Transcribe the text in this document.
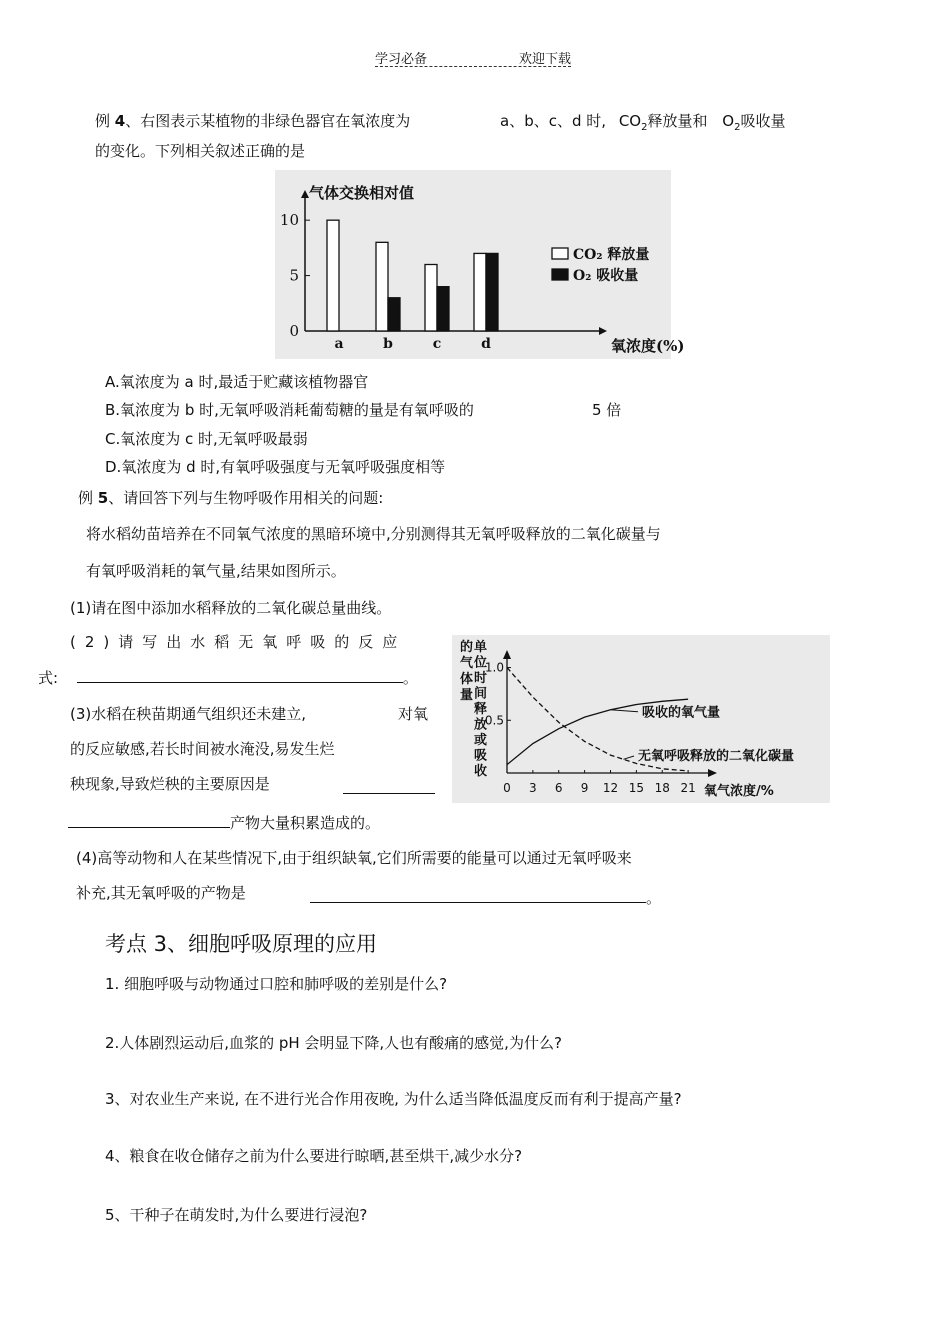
学习必备	欢迎下载
例 4、右图表示某植物的非绿色器官在氧浓度为	a、b、c、d 时, $CO_2$释放量和 $O_2$吸收量
的变化。下列相关叙述正确的是
气体交换相对值
氧浓度(%)
0
5
10
a	b	c	d
CO₂ 释放量
O₂ 吸收量
A.氧浓度为 a 时,最适于贮藏该植物器官
B.氧浓度为 b 时,无氧呼吸消耗葡萄糖的量是有氧呼吸的	5 倍
C.氧浓度为 c 时,无氧呼吸最弱
D.氧浓度为 d 时,有氧呼吸强度与无氧呼吸强度相等
例 5、请回答下列与生物呼吸作用相关的问题:
将水稻幼苗培养在不同氧气浓度的黑暗环境中,分别测得其无氧呼吸释放的二氧化碳量与
有氧呼吸消耗的氧气量,结果如图所示。
(1)请在图中添加水稻释放的二氧化碳总量曲线。
(2)请写出水稻无氧呼吸的反应
式:	。
(3)水稻在秧苗期通气组织还未建立,	对氧
的反应敏感,若长时间被水淹没,易发生烂
秧现象,导致烂秧的主要原因是
产物大量积累造成的。
的
气
体
量
单
位
时
间
释
放
或
吸
收
1.0
0.5
0 3 6 9 12 15 18 21 氧气浓度/%
吸收的氧气量
无氧呼吸释放的二氧化碳量
(4)高等动物和人在某些情况下,由于组织缺氧,它们所需要的能量可以通过无氧呼吸来
补充,其无氧呼吸的产物是	。
考点 3、细胞呼吸原理的应用
1. 细胞呼吸与动物通过口腔和肺呼吸的差别是什么?
2.人体剧烈运动后,血浆的 pH 会明显下降,人也有酸痛的感觉,为什么?
3、对农业生产来说, 在不进行光合作用夜晚, 为什么适当降低温度反而有利于提高产量?
4、粮食在收仓储存之前为什么要进行晾晒,甚至烘干,减少水分?
5、干种子在萌发时,为什么要进行浸泡?
